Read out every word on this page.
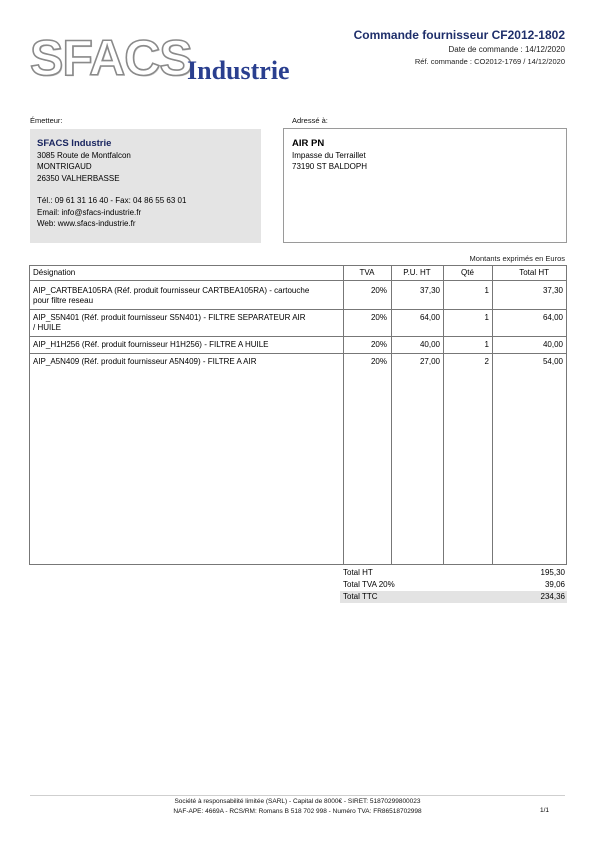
SFACS
Industrie
Commande fournisseur CF2012-1802
Date de commande : 14/12/2020
Réf. commande : CO2012-1769 / 14/12/2020
Émetteur:
SFACS Industrie
3085 Route de Montfalcon
MONTRIGAUD
26350 VALHERBASSE
Tél.: 09 61 31 16 40 - Fax: 04 86 55 63 01
Email: info@sfacs-industrie.fr
Web: www.sfacs-industrie.fr
Adressé à:
AIR PN
Impasse du Terraillet
73190 ST BALDOPH
Montants exprimés en Euros
Désignation	TVA	P.U. HT	Qté	Total HT
AIP_CARTBEA105RA (Réf. produit fournisseur CARTBEA105RA) - cartouche
pour filtre reseau
20%	37,30	1	37,30
AIP_S5N401 (Réf. produit fournisseur S5N401) - FILTRE SEPARATEUR AIR
/ HUILE
20%	64,00	1	64,00
AIP_H1H256 (Réf. produit fournisseur H1H256) - FILTRE A HUILE	20%	40,00	1	40,00
AIP_A5N409 (Réf. produit fournisseur A5N409) - FILTRE A AIR	20%	27,00	2	54,00
Total HT	195,30
Total TVA 20%	39,06
Total TTC	234,36
Société à responsabilité limitée (SARL) - Capital de 8000€ - SIRET: 51870299800023
NAF-APE: 4669A - RCS/RM: Romans B 518 702 998 - Numéro TVA: FR86518702998	1/1
